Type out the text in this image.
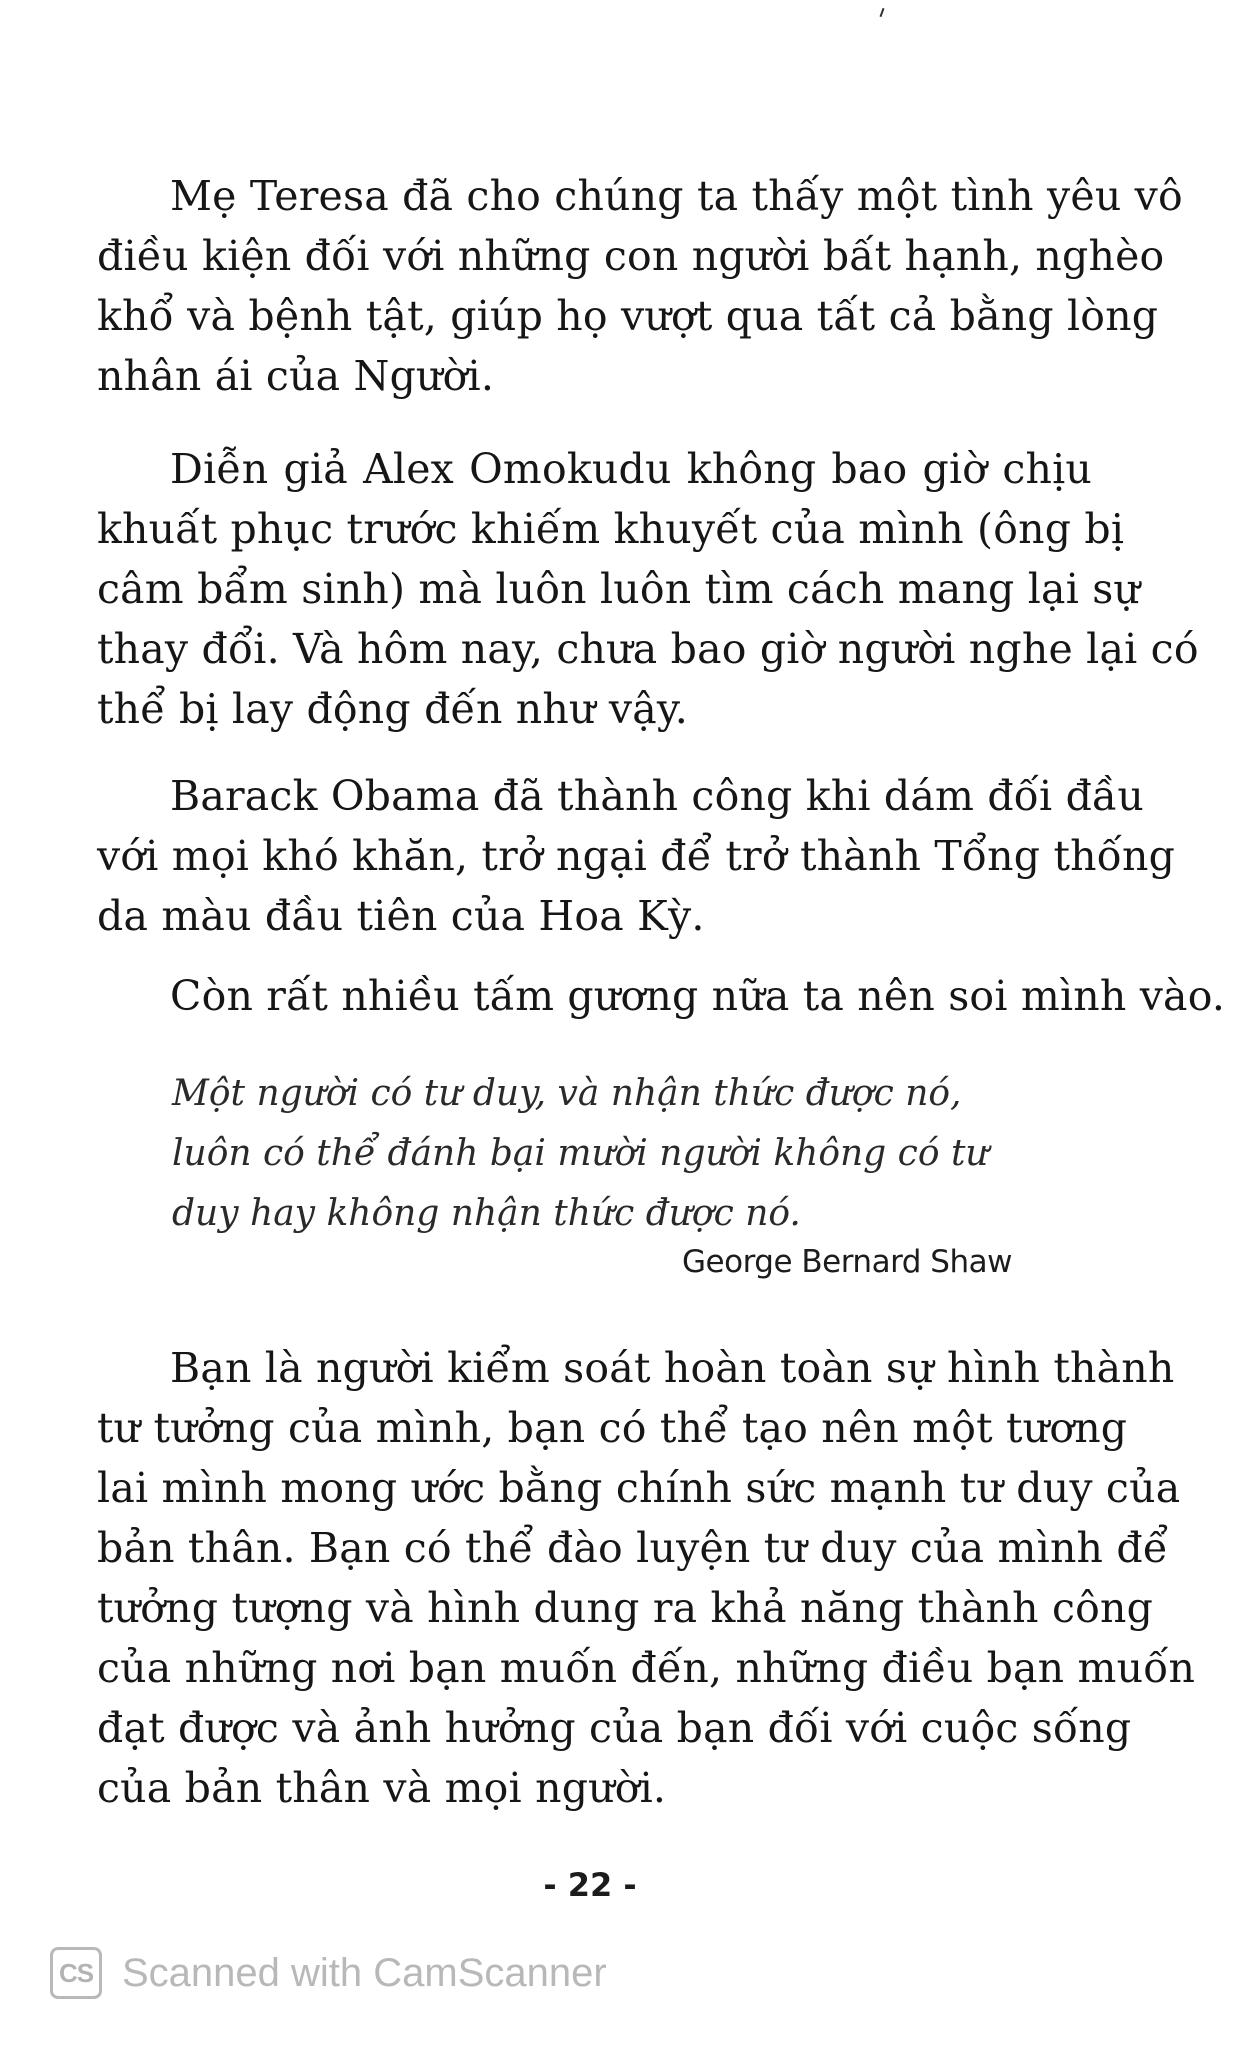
Mẹ Teresa đã cho chúng ta thấy một tình yêu vô
điều kiện đối với những con người bất hạnh, nghèo
khổ và bệnh tật, giúp họ vượt qua tất cả bằng lòng
nhân ái của Người.

Diễn giả Alex Omokudu không bao giờ chịu
khuất phục trước khiếm khuyết của mình (ông bị
câm bẩm sinh) mà luôn luôn tìm cách mang lại sự
thay đổi. Và hôm nay, chưa bao giờ người nghe lại có
thể bị lay động đến như vậy.

Barack Obama đã thành công khi dám đối đầu
với mọi khó khăn, trở ngại để trở thành Tổng thống
da màu đầu tiên của Hoa Kỳ.

Còn rất nhiều tấm gương nữa ta nên soi mình vào.

Một người có tư duy, và nhận thức được nó,
luôn có thể đánh bại mười người không có tư
duy hay không nhận thức được nó.

George Bernard Shaw

Bạn là người kiểm soát hoàn toàn sự hình thành
tư tưởng của mình, bạn có thể tạo nên một tương
lai mình mong ước bằng chính sức mạnh tư duy của
bản thân. Bạn có thể đào luyện tư duy của mình để
tưởng tượng và hình dung ra khả năng thành công
của những nơi bạn muốn đến, những điều bạn muốn
đạt được và ảnh hưởng của bạn đối với cuộc sống
của bản thân và mọi người.

- 22 -
CS Scanned with CamScanner
